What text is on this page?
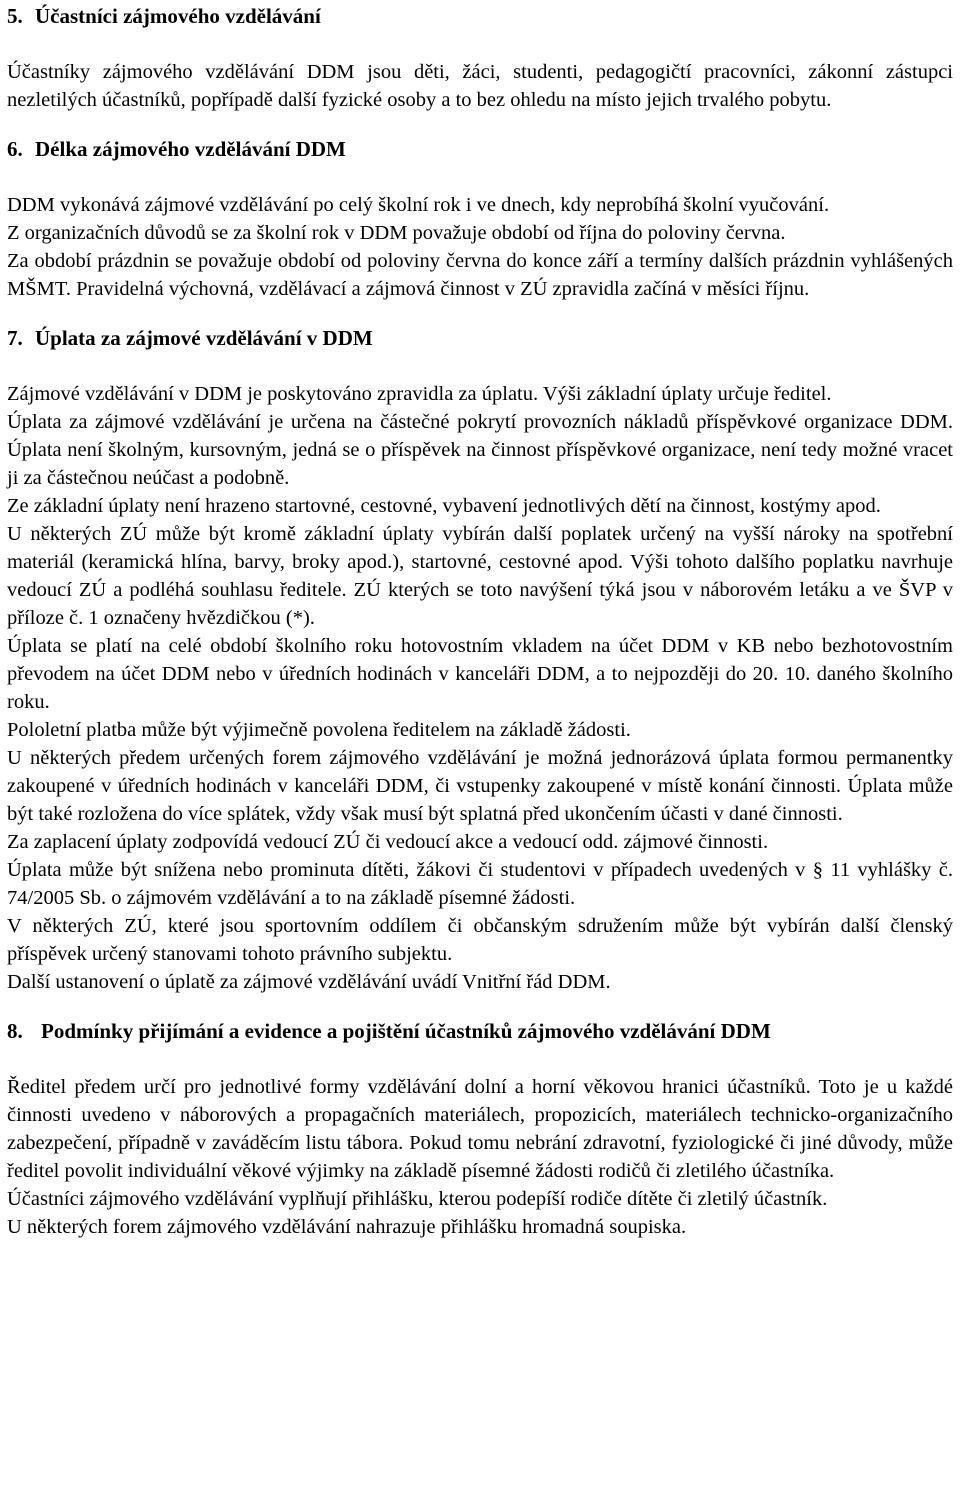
5. Účastníci zájmového vzdělávání

Účastníky zájmového vzdělávání DDM jsou děti, žáci, studenti, pedagogičtí pracovníci, zákonní zástupci nezletilých účastníků, popřípadě další fyzické osoby a to bez ohledu na místo jejich trvalého pobytu.

6. Délka zájmového vzdělávání DDM

DDM vykonává zájmové vzdělávání po celý školní rok i ve dnech, kdy neprobíhá školní vyučování.

Z organizačních důvodů se za školní rok v DDM považuje období od října do poloviny června.

Za období prázdnin se považuje období od poloviny června do konce září a termíny dalších prázdnin vyhlášených MŠMT. Pravidelná výchovná, vzdělávací a zájmová činnost v ZÚ zpravidla začíná v měsíci říjnu.

7. Úplata za zájmové vzdělávání v DDM

Zájmové vzdělávání v DDM je poskytováno zpravidla za úplatu. Výši základní úplaty určuje ředitel.

Úplata za zájmové vzdělávání je určena na částečné pokrytí provozních nákladů příspěvkové organizace DDM. Úplata není školným, kursovným, jedná se o příspěvek na činnost příspěvkové organizace, není tedy možné vracet ji za částečnou neúčast a podobně.

Ze základní úplaty není hrazeno startovné, cestovné, vybavení jednotlivých dětí na činnost, kostýmy apod.

U některých ZÚ může být kromě základní úplaty vybírán další poplatek určený na vyšší nároky na spotřební materiál (keramická hlína, barvy, broky apod.), startovné, cestovné apod. Výši tohoto dalšího poplatku navrhuje vedoucí ZÚ a podléhá souhlasu ředitele. ZÚ kterých se toto navýšení týká jsou v náborovém letáku a ve ŠVP v příloze č. 1 označeny hvězdičkou (*).

Úplata se platí na celé období školního roku hotovostním vkladem na účet DDM v KB nebo bezhotovostním převodem na účet DDM nebo v úředních hodinách v kanceláři DDM, a to nejpozději do 20. 10. daného školního roku.

Pololetní platba může být výjimečně povolena ředitelem na základě žádosti.

U některých předem určených forem zájmového vzdělávání je možná jednorázová úplata formou permanentky zakoupené v úředních hodinách v kanceláři DDM, či vstupenky zakoupené v místě konání činnosti. Úplata může být také rozložena do více splátek, vždy však musí být splatná před ukončením účasti v dané činnosti.

Za zaplacení úplaty zodpovídá vedoucí ZÚ či vedoucí akce a vedoucí odd. zájmové činnosti.

Úplata může být snížena nebo prominuta dítěti, žákovi či studentovi v případech uvedených v § 11 vyhlášky č. 74/2005 Sb. o zájmovém vzdělávání a to na základě písemné žádosti.

V některých ZÚ, které jsou sportovním oddílem či občanským sdružením může být vybírán další členský příspěvek určený stanovami tohoto právního subjektu.

Další ustanovení o úplatě za zájmové vzdělávání uvádí Vnitřní řád DDM.

8. Podmínky přijímání a evidence a pojištění účastníků zájmového vzdělávání DDM

Ředitel předem určí pro jednotlivé formy vzdělávání dolní a horní věkovou hranici účastníků. Toto je u každé činnosti uvedeno v náborových a propagačních materiálech, propozicích, materiálech technicko-organizačního zabezpečení, případně v zaváděcím listu tábora. Pokud tomu nebrání zdravotní, fyziologické či jiné důvody, může ředitel povolit individuální věkové výjimky na základě písemné žádosti rodičů či zletilého účastníka.

Účastníci zájmového vzdělávání vyplňují přihlášku, kterou podepíší rodiče dítěte či zletilý účastník.

U některých forem zájmového vzdělávání nahrazuje přihlášku hromadná soupiska.
